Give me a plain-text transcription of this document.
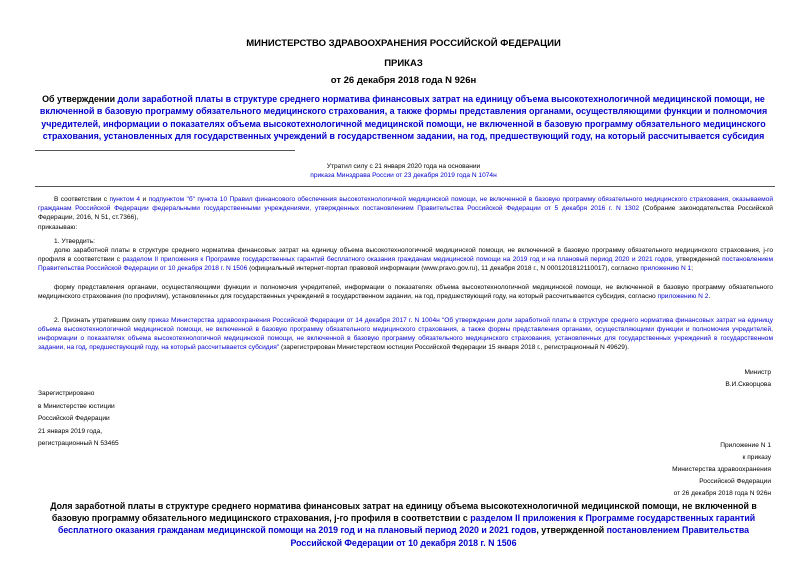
МИНИСТЕРСТВО ЗДРАВООХРАНЕНИЯ РОССИЙСКОЙ ФЕДЕРАЦИИ
ПРИКАЗ
от 26 декабря 2018 года N 926н
Об утверждении доли заработной платы в структуре среднего норматива финансовых затрат на единицу объема высокотехнологичной медицинской помощи, не включенной в базовую программу обязательного медицинского страхования, а также формы представления органами, осуществляющими функции и полномочия учредителей, информации о показателях объема высокотехнологичной медицинской помощи, не включенной в базовую программу обязательного медицинского страхования, установленных для государственных учреждений в государственном задании, на год, предшествующий году, на который рассчитывается субсидия
Утратил силу с 21 января 2020 года на основании
приказа Минздрава России от 23 декабря 2019 года N 1074н
В соответствии с пунктом 4 и подпунктом "б" пункта 10 Правил финансового обеспечения высокотехнологичной медицинской помощи, не включенной в базовую программу обязательного медицинского страхования, оказываемой гражданам Российской Федерации федеральными государственными учреждениями, утвержденных постановлением Правительства Российской Федерации от 5 декабря 2016 г. N 1302 (Собрание законодательства Российской Федерации, 2016, N 51, ст.7366),
приказываю:
1. Утвердить:
долю заработной платы в структуре среднего норматива финансовых затрат на единицу объема высокотехнологичной медицинской помощи, не включенной в базовую программу обязательного медицинского страхования, j-го профиля в соответствии с разделом II приложения к Программе государственных гарантий бесплатного оказания гражданам медицинской помощи на 2019 год и на плановый период 2020 и 2021 годов, утвержденной постановлением Правительства Российской Федерации от 10 декабря 2018 г. N 1506 (официальный интернет-портал правовой информации (www.pravo.gov.ru), 11 декабря 2018 г., N 0001201812110017), согласно приложению N 1;
форму представления органами, осуществляющими функции и полномочия учредителей, информации о показателях объема высокотехнологичной медицинской помощи, не включенной в базовую программу обязательного медицинского страхования (по профилям), установленных для государственных учреждений в государственном задании, на год, предшествующий году, на который рассчитывается субсидия, согласно приложению N 2.
2. Признать утратившим силу приказ Министерства здравоохранения Российской Федерации от 14 декабря 2017 г. N 1004н "Об утверждении доли заработной платы в структуре среднего норматива финансовых затрат на единицу объема высокотехнологичной медицинской помощи, не включенной в базовую программу обязательного медицинского страхования, а также формы представления органами, осуществляющими функции и полномочия учредителей, информации о показателях объема высокотехнологичной медицинской помощи, не включенной в базовую программу обязательного медицинского страхования, установленных для государственных учреждений в государственном задании, на год, предшествующий году, на который рассчитывается субсидия" (зарегистрирован Министерством юстиции Российской Федерации 15 января 2018 г., регистрационный N 49629).
Министр
В.И.Скворцова
Зарегистрировано
в Министерстве юстиции
Российской Федерации
21 января 2019 года,
регистрационный N 53465	Приложение N 1
к приказу
Министерства здравоохранения
Российской Федерации
от 26 декабря 2018 года N 926н
Доля заработной платы в структуре среднего норматива финансовых затрат на единицу объема высокотехнологичной медицинской помощи, не включенной в базовую программу обязательного медицинского страхования, j-го профиля в соответствии с разделом II приложения к Программе государственных гарантий бесплатного оказания гражданам медицинской помощи на 2019 год и на плановый период 2020 и 2021 годов, утвержденной постановлением Правительства Российской Федерации от 10 декабря 2018 г. N 1506
